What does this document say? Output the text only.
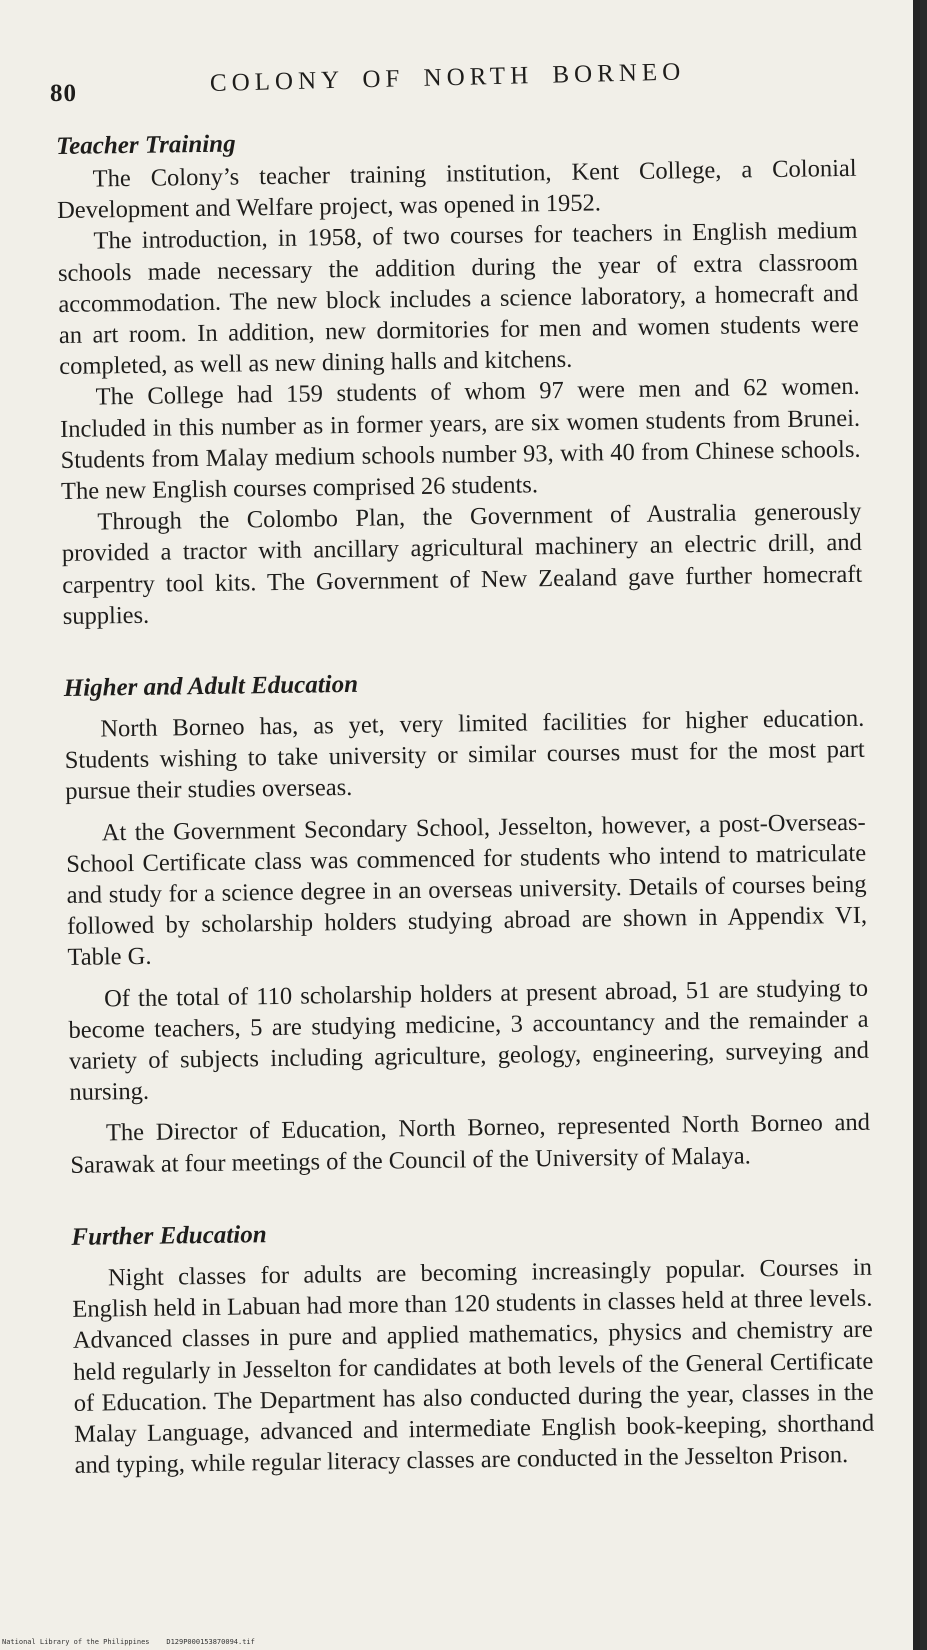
80	COLONY OF NORTH BORNEO
Teacher Training

The Colony’s teacher training institution, Kent College, a Colonial Development and Welfare project, was opened in 1952.

The introduction, in 1958, of two courses for teachers in English medium schools made necessary the addition during the year of extra classroom accommodation. The new block includes a science laboratory, a homecraft and an art room. In addition, new dormitories for men and women students were completed, as well as new dining halls and kitchens.

The College had 159 students of whom 97 were men and 62 women. Included in this number as in former years, are six women students from Brunei. Students from Malay medium schools number 93, with 40 from Chinese schools. The new English courses comprised 26 students.

Through the Colombo Plan, the Government of Australia generously provided a tractor with ancillary agricultural machinery an electric drill, and carpentry tool kits. The Government of New Zealand gave further homecraft supplies.

Higher and Adult Education

North Borneo has, as yet, very limited facilities for higher education. Students wishing to take university or similar courses must for the most part pursue their studies overseas.

At the Government Secondary School, Jesselton, however, a post-Overseas-School Certificate class was commenced for students who intend to matriculate and study for a science degree in an overseas university. Details of courses being followed by scholarship holders studying abroad are shown in Appendix VI, Table G.

Of the total of 110 scholarship holders at present abroad, 51 are studying to become teachers, 5 are studying medicine, 3 accountancy and the remainder a variety of subjects including agriculture, geology, engineering, surveying and nursing.

The Director of Education, North Borneo, represented North Borneo and Sarawak at four meetings of the Council of the University of Malaya.

Further Education

Night classes for adults are becoming increasingly popular. Courses in English held in Labuan had more than 120 students in classes held at three levels. Advanced classes in pure and applied mathematics, physics and chemistry are held regularly in Jesselton for candidates at both levels of the General Certificate of Education. The Department has also conducted during the year, classes in the Malay Language, advanced and intermediate English book-keeping, shorthand and typing, while regular literacy classes are conducted in the Jesselton Prison.

National Library of the Philippines    D129P000153870094.tif
